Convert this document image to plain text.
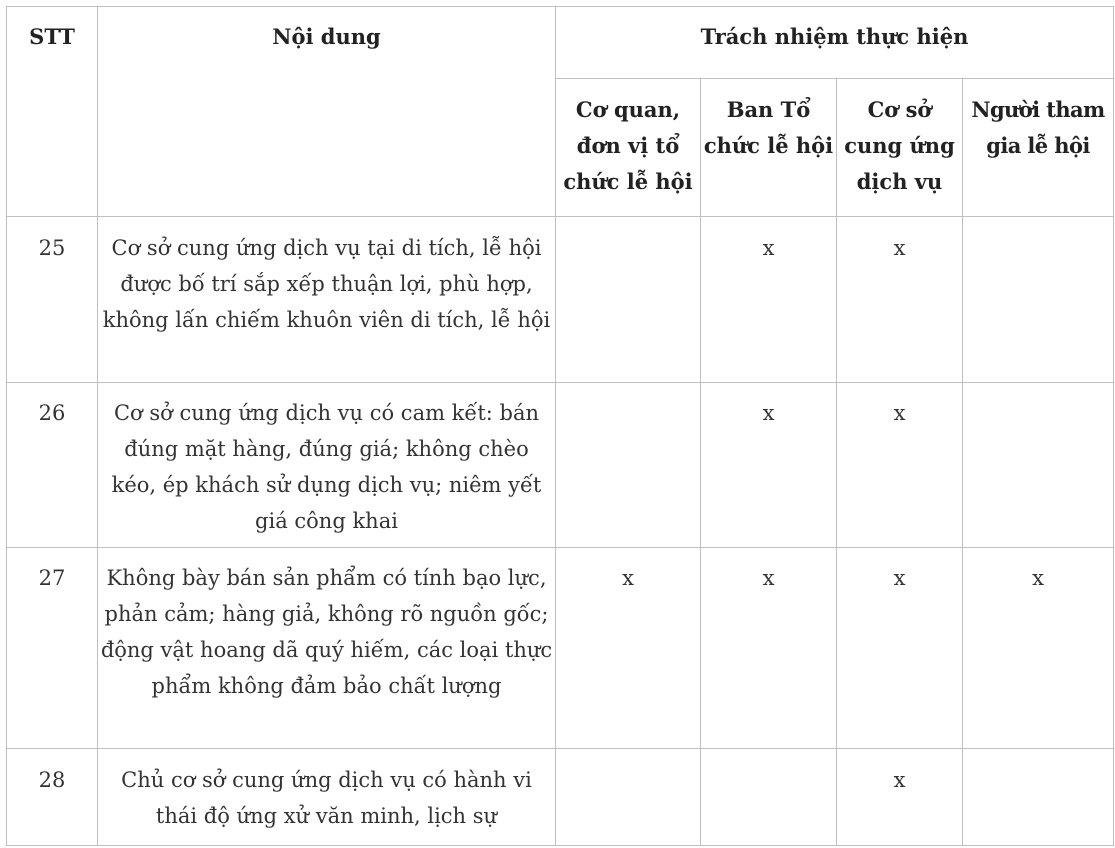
STT	Nội dung	Trách nhiệm thực hiện			
		Cơ quan, đơn vị tổ chức lễ hội	Ban Tổ chức lễ hội	Cơ sở cung ứng dịch vụ	Người tham gia lễ hội
25	Cơ sở cung ứng dịch vụ tại di tích, lễ hội được bố trí sắp xếp thuận lợi, phù hợp, không lấn chiếm khuôn viên di tích, lễ hội		x	x	
26	Cơ sở cung ứng dịch vụ có cam kết: bán đúng mặt hàng, đúng giá; không chèo kéo, ép khách sử dụng dịch vụ; niêm yết giá công khai		x	x	
27	Không bày bán sản phẩm có tính bạo lực, phản cảm; hàng giả, không rõ nguồn gốc; động vật hoang dã quý hiếm, các loại thực phẩm không đảm bảo chất lượng	x	x	x	x
28	Chủ cơ sở cung ứng dịch vụ có hành vi thái độ ứng xử văn minh, lịch sự			x	
